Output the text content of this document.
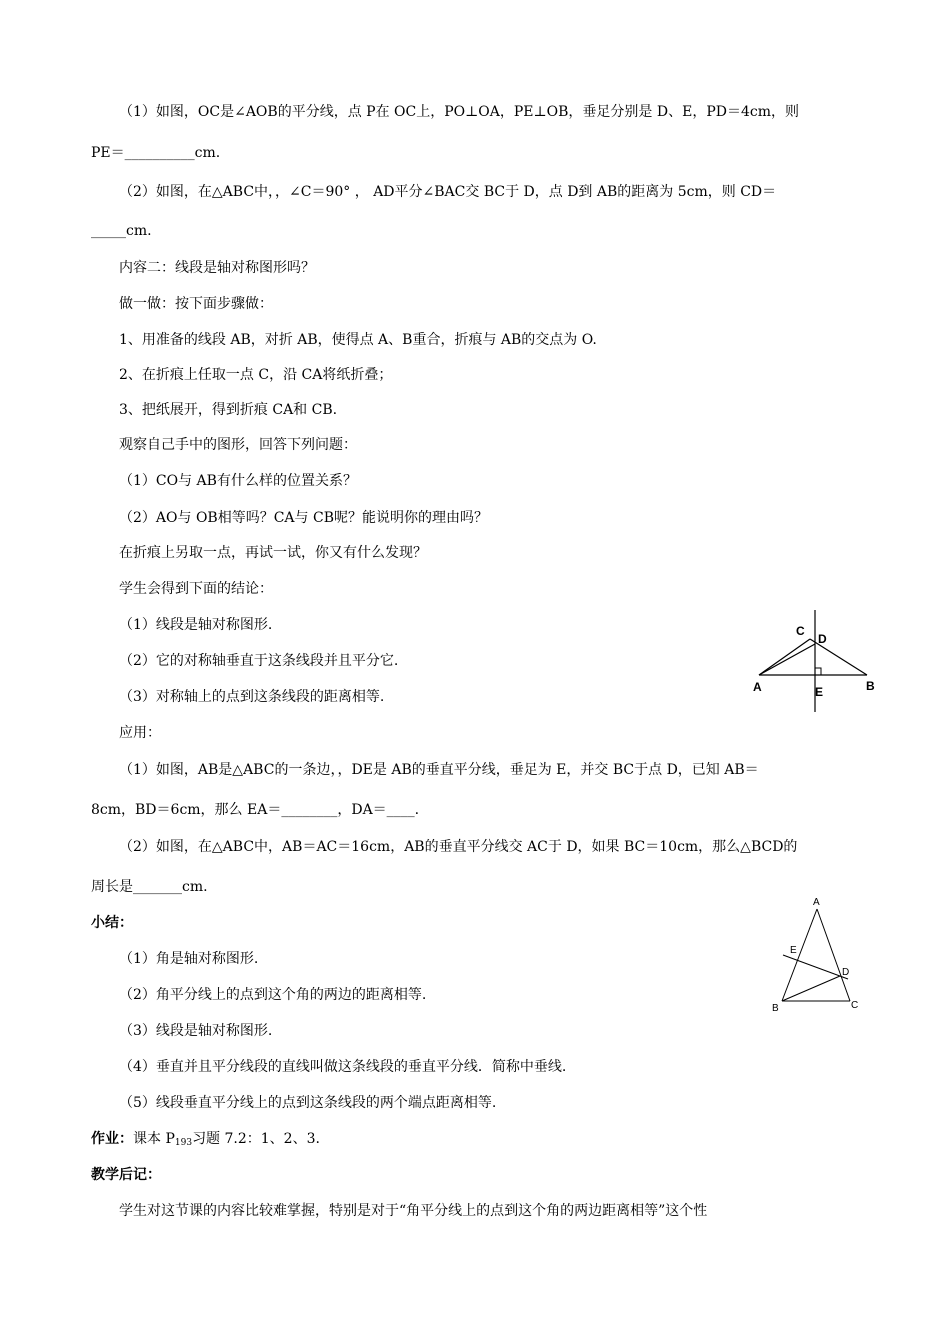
（1）如图，OC是∠AOB的平分线，点 P在 OC上，PO⊥OA，PE⊥OB，垂足分别是 D、E，PD＝4cm，则
PE＝__________cm.
（2）如图，在△ABC中，，∠C＝90° ， AD平分∠BAC交 BC于 D，点 D到 AB的距离为 5cm，则 CD＝
_____cm.
内容二：线段是轴对称图形吗？
做一做：按下面步骤做：
1、用准备的线段 AB，对折 AB，使得点 A、B重合，折痕与 AB的交点为 O.
2、在折痕上任取一点 C，沿 CA将纸折叠；
3、把纸展开，得到折痕 CA和 CB.
观察自己手中的图形，回答下列问题：
（1）CO与 AB有什么样的位置关系？
（2）AO与 OB相等吗？CA与 CB呢？能说明你的理由吗？
在折痕上另取一点，再试一试，你又有什么发现？
学生会得到下面的结论：
（1）线段是轴对称图形.
（2）它的对称轴垂直于这条线段并且平分它.
（3）对称轴上的点到这条线段的距离相等.
应用：
（1）如图，AB是△ABC的一条边，，DE是 AB的垂直平分线，垂足为 E，并交 BC于点 D，已知 AB＝
8cm，BD＝6cm，那么 EA＝________，DA＝____.
（2）如图，在△ABC中，AB＝AC＝16cm，AB的垂直平分线交 AC于 D，如果 BC＝10cm，那么△BCD的
周长是_______cm.
小结：
（1）角是轴对称图形.
（2）角平分线上的点到这个角的两边的距离相等.
（3）线段是轴对称图形.
（4）垂直并且平分线段的直线叫做这条线段的垂直平分线．简称中垂线.
（5）线段垂直平分线上的点到这条线段的两个端点距离相等.
作业：课本 $P_{193}$习题 7.2：1、2、3.
教学后记：
学生对这节课的内容比较难掌握，特别是对于“角平分线上的点到这个角的两边距离相等”这个性
C
D
A	E	B
A
E
D
B	C
